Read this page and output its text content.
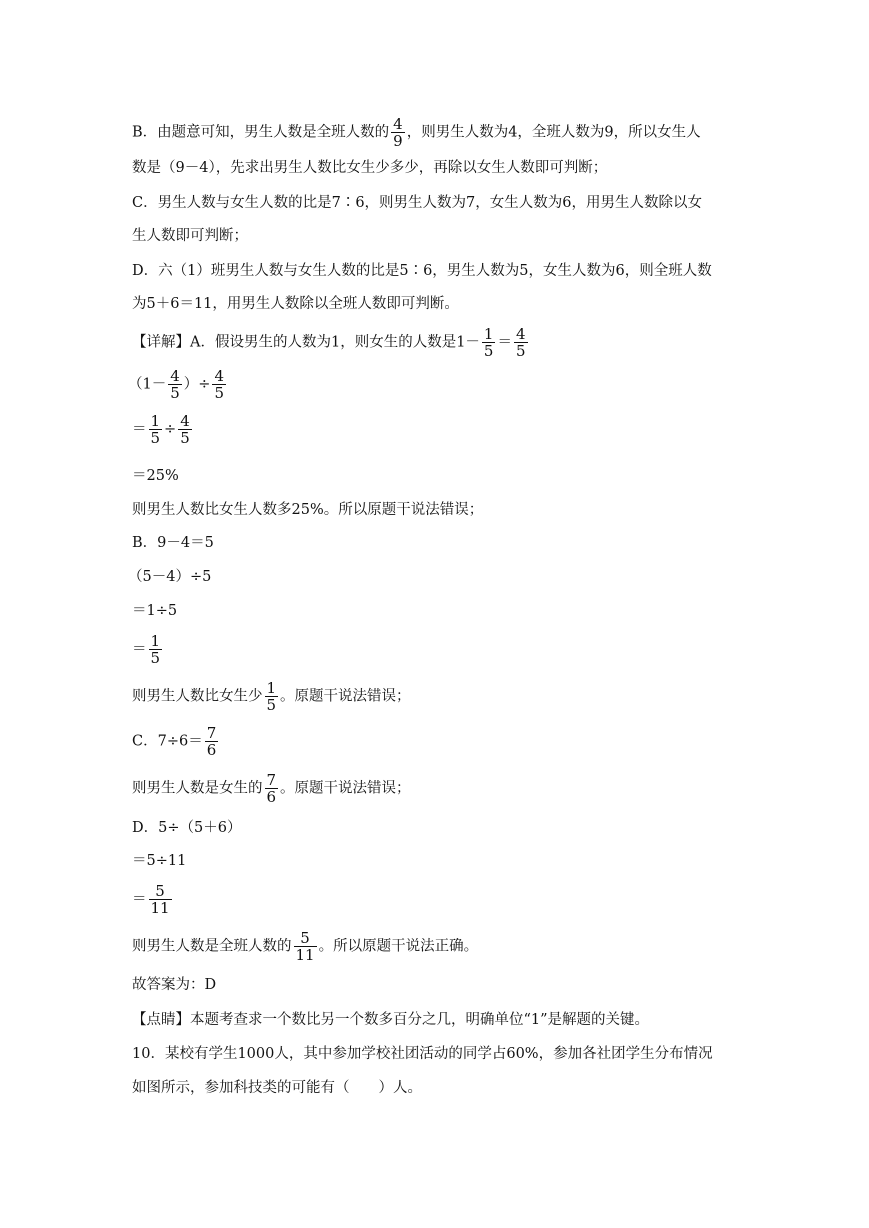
B．由题意可知，男生人数是全班人数的 $\frac{4}{9}$ ，则男生人数为4，全班人数为9，所以女生人
数是（9－4），先求出男生人数比女生少多少，再除以女生人数即可判断；
C．男生人数与女生人数的比是7∶6，则男生人数为7，女生人数为6，用男生人数除以女
生人数即可判断；
D．六（1）班男生人数与女生人数的比是5∶6，男生人数为5，女生人数为6，则全班人数
为5＋6＝11，用男生人数除以全班人数即可判断。
【详解】A．假设男生的人数为1，则女生的人数是$1- \frac{1}{5} = \frac{4}{5}$
（$1- \frac{4}{5}$ ）÷ $\frac{4}{5}$
＝ $\frac{1}{5} \div \frac{4}{5}$
＝25%
则男生人数比女生人数多25%。所以原题干说法错误；
B．9－4＝5
（5－4）÷5
＝1÷5
＝ $\frac{1}{5}$
则男生人数比女生少 $\frac{1}{5}$ 。原题干说法错误；
C．$7\div 6= \frac{7}{6}$
则男生人数是女生的 $\frac{7}{6}$ 。原题干说法错误；
D．5÷（5＋6）
＝5÷11
＝ $\frac{5}{11}$
则男生人数是全班人数的 $\frac{5}{11}$ 。所以原题干说法正确。
故答案为：D
【点睛】本题考查求一个数比另一个数多百分之几，明确单位“1”是解题的关键。
10．某校有学生1000人，其中参加学校社团活动的同学占60%，参加各社团学生分布情况
如图所示，参加科技类的可能有（　　）人。
